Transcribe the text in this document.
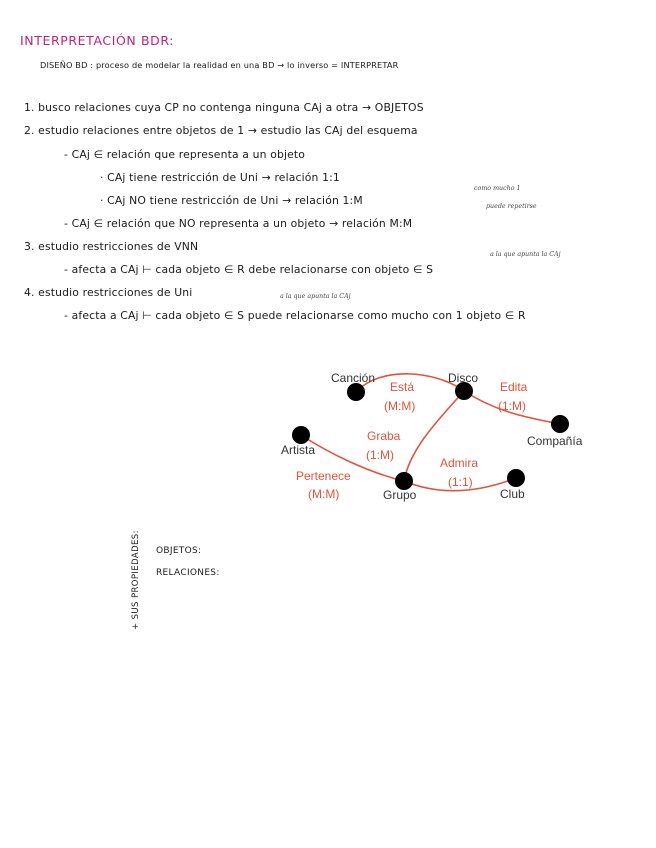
INTERPRETACIÓN BDR:
DISEÑO BD : proceso de modelar la realidad en una BD → lo inverso = INTERPRETAR
1. busco relaciones cuya CP no contenga ninguna CAj a otra → OBJETOS
2. estudio relaciones entre objetos de 1 → estudio las CAj del esquema
- CAj ∈ relación que representa a un objeto
· CAj tiene restricción de Uni → relación 1:1
· CAj NO tiene restricción de Uni → relación 1:M
como mucho 1
puede repetirse
- CAj ∈ relación que NO representa a un objeto → relación M:M
3. estudio restricciones de VNN
a la que apunta la CAj
- afecta a CAj ⊢ cada objeto ∈ R debe relacionarse con objeto ∈ S
4. estudio restricciones de Uni	a la que apunta la CAj
- afecta a CAj ⊢ cada objeto ∈ S puede relacionarse como mucho con 1 objeto ∈ R
Canción	Disco
Compañía
Artista
Grupo	Club
Está
(M:M)
Edita
(1:M)
Graba
(1:M)
Pertenece
(M:M)
Admira
(1:1)
+ SUS PROPIEDADES: OBJETOS:
RELACIONES:
